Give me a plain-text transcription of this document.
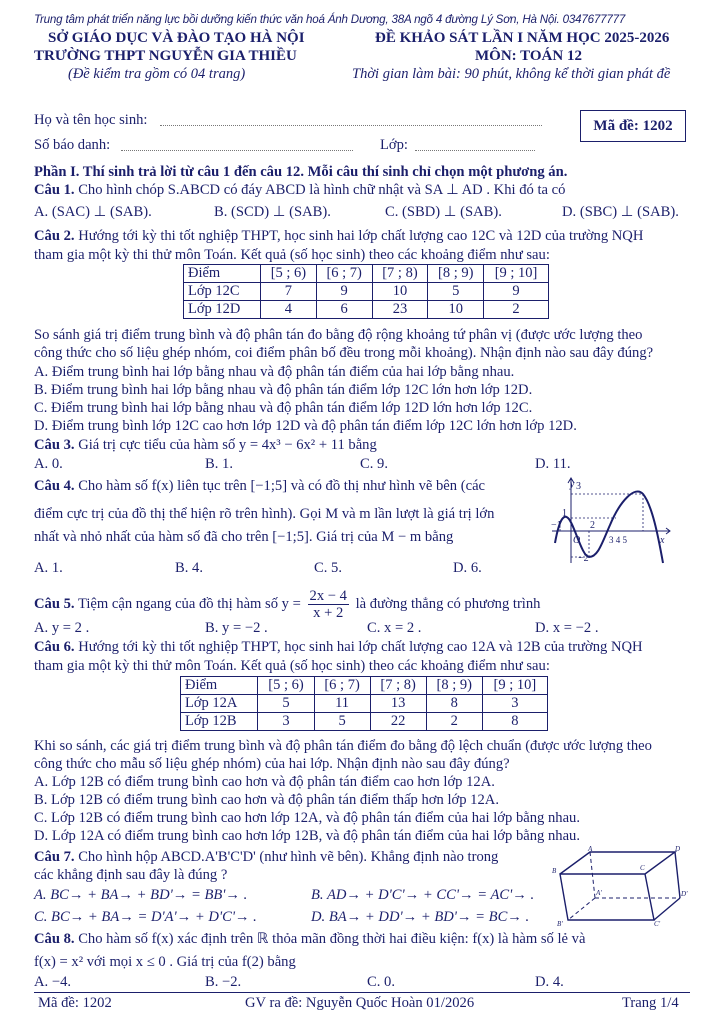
Trung tâm phát triển năng lực bồi dưỡng kiến thức văn hoá Ánh Dương, 38A ngõ 4 đường Lý Sơn, Hà Nội. 0347677777
SỞ GIÁO DỤC VÀ ĐÀO TẠO HÀ NỘI
TRƯỜNG THPT NGUYỄN GIA THIỀU
(Đề kiểm tra gồm có 04 trang)
ĐỀ KHẢO SÁT LẦN I NĂM HỌC 2025-2026
MÔN: TOÁN 12
Thời gian làm bài: 90 phút, không kể thời gian phát đề
Họ và tên học sinh:
Số báo danh:	Lớp:
Mã đề: 1202
Phần I. Thí sinh trả lời từ câu 1 đến câu 12. Mỗi câu thí sinh chỉ chọn một phương án.
Câu 1. Cho hình chóp S.ABCD có đáy ABCD là hình chữ nhật và SA ⊥ AD . Khi đó ta có
A. (SAC) ⊥ (SAB).	B. (SCD) ⊥ (SAB).	C. (SBD) ⊥ (SAB).	D. (SBC) ⊥ (SAB).
Câu 2. Hướng tới kỳ thi tốt nghiệp THPT, học sinh hai lớp chất lượng cao 12C và 12D của trường NQH
tham gia một kỳ thi thử môn Toán. Kết quả (số học sinh) theo các khoảng điểm như sau:
Điểm	[5 ; 6)	[6 ; 7)	[7 ; 8)	[8 ; 9)	[9 ; 10]
Lớp 12C	7	9	10	5	9
Lớp 12D	4	6	23	10	2
So sánh giá trị điểm trung bình và độ phân tán đo bằng độ rộng khoảng tứ phân vị (được ước lượng theo
công thức cho số liệu ghép nhóm, coi điểm phân bố đều trong mỗi khoảng). Nhận định nào sau đây đúng?
A. Điểm trung bình hai lớp bằng nhau và độ phân tán điểm của hai lớp bằng nhau.
B. Điểm trung bình hai lớp bằng nhau và độ phân tán điểm lớp 12C lớn hơn lớp 12D.
C. Điểm trung bình hai lớp bằng nhau và độ phân tán điểm lớp 12D lớn hơn lớp 12C.
D. Điểm trung bình lớp 12C cao hơn lớp 12D và độ phân tán điểm lớp 12C lớn hơn lớp 12D.
Câu 3. Giá trị cực tiểu của hàm số y = 4x³ − 6x² + 11 bằng
A. 0.	B. 1.	C. 9.	D. 11.
Câu 4. Cho hàm số f(x) liên tục trên [−1;5] và có đồ thị như hình vẽ bên (các
điểm cực trị của đồ thị thể hiện rõ trên hình). Gọi M và m lần lượt là giá trị lớn
nhất và nhỏ nhất của hàm số đã cho trên [−1;5]. Giá trị của M − m bằng
y 3
1
−1	2
O	3 4 5	x
−2
A. 1.	B. 4.	C. 5.	D. 6.
Câu 5. Tiệm cận ngang của đồ thị hàm số $y = \frac{2x - 4}{x + 2}$ là đường thẳng có phương trình
A. y = 2 .	B. y = −2 .	C. x = 2 .	D. x = −2 .
Câu 6. Hướng tới kỳ thi tốt nghiệp THPT, học sinh hai lớp chất lượng cao 12A và 12B của trường NQH
tham gia một kỳ thi thử môn Toán. Kết quả (số học sinh) theo các khoảng điểm như sau:
Điểm	[5 ; 6)	[6 ; 7)	[7 ; 8)	[8 ; 9)	[9 ; 10]
Lớp 12A	5	11	13	8	3
Lớp 12B	3	5	22	2	8
Khi so sánh, các giá trị điểm trung bình và độ phân tán điểm đo bằng độ lệch chuẩn (được ước lượng theo
công thức cho mẫu số liệu ghép nhóm) của hai lớp. Nhận định nào sau đây đúng?
A. Lớp 12B có điểm trung bình cao hơn và độ phân tán điểm cao hơn lớp 12A.
B. Lớp 12B có điểm trung bình cao hơn và độ phân tán điểm thấp hơn lớp 12A.
C. Lớp 12B có điểm trung bình cao hơn lớp 12A, và độ phân tán điểm của hai lớp bằng nhau.
D. Lớp 12A có điểm trung bình cao hơn lớp 12B, và độ phân tán điểm của hai lớp bằng nhau.
Câu 7. Cho hình hộp ABCD.A'B'C'D' (như hình vẽ bên). Khẳng định nào trong
các khẳng định sau đây là đúng ?
A
B	C
D
A'
B'	C'
D'
A. BC→ + BA→ + BD'→ = BB'→ .	B. AD→ + D'C'→ + CC'→ = AC'→ .
C. BC→ + BA→ = D'A'→ + D'C'→ .	D. BA→ + DD'→ + BD'→ = BC→ .
Câu 8. Cho hàm số f(x) xác định trên ℝ thỏa mãn đồng thời hai điều kiện: f(x) là hàm số lẻ và
f(x) = x² với mọi x ≤ 0 . Giá trị của f(2) bằng
A. −4.	B. −2.	C. 0.	D. 4.
Mã đề: 1202	GV ra đề: Nguyễn Quốc Hoàn 01/2026	Trang 1/4
